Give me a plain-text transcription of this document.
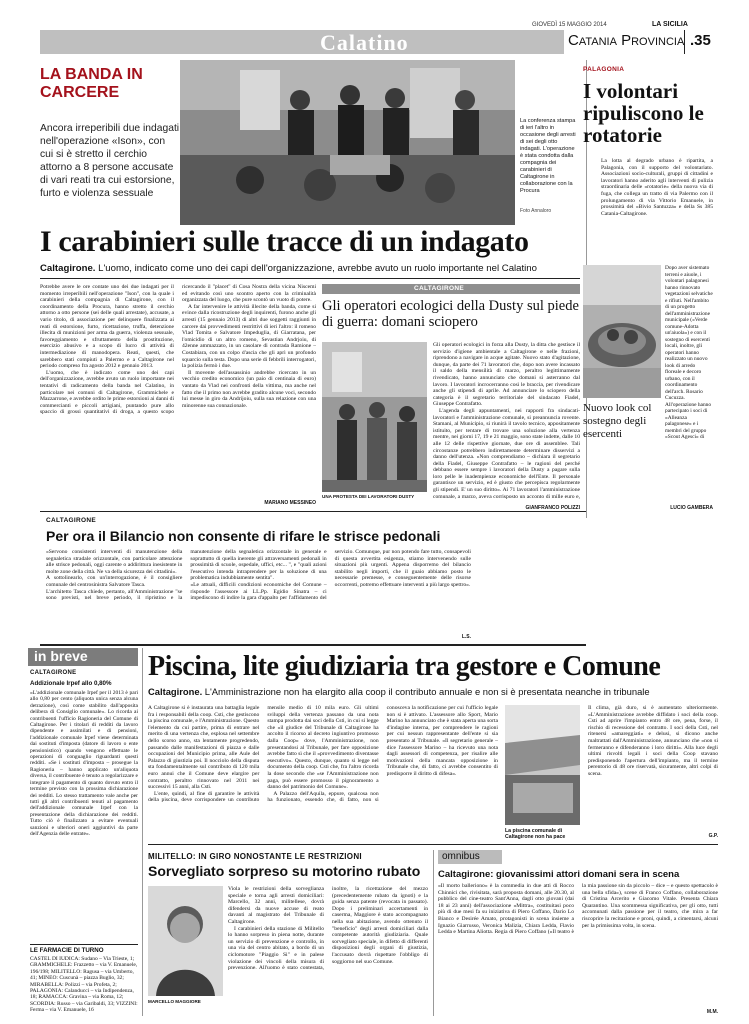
GIOVEDÌ 15 MAGGIO 2014	LA SICILIA
Calatino	Catania Provincia .35
LA BANDA IN CARCERE
Ancora irreperibili due indagati nell'operazione «Ison», con cui si è stretto il cerchio attorno a 8 persone accusate di vari reati tra cui estorsione, furto e violenza sessuale
La conferenza stampa di ieri l'altro in occasione degli arresti di sei degli otto indagati. L'operazione è stata condotta dalla compagnia dei carabinieri di Caltagirone in collaborazione con la Procura
Foto Annaloro
I carabinieri sulle tracce di un indagato
Caltagirone. L'uomo, indicato come uno dei capi dell'organizzazione, avrebbe avuto un ruolo importante nel Calatino

Potrebbe avere le ore contate uno dei due indagati per il momento irreperibili nell'operazione "Ison", con la quale i carabinieri della compagnia di Caltagirone, con il coordinamento della Procura, hanno stretto il cerchio attorno a otto persone (sei delle quali arrestate), accusate, a vario titolo, di associazione per delinquere finalizzata ai reati di estorsione, furto, ricettazione, truffa, detenzione illecita di munizioni per arma da guerra, violenza sessuale, favoreggiamento e sfruttamento della prostituzione, esercizio abusivo e a scopo di lucro di attività di intermediazione di manodopera. Reati, questi, che sarebbero stati compiuti a Palermo e a Caltagirone nel periodo compreso fra agosto 2012 e gennaio 2013.

L'uomo, che è indicato come uno dei capi dell'organizzazione, avrebbe avuto un ruolo importante nei tentativi di radicamento della banda nel Calatino, in particolare nei comuni di Caltagirone, Grammichele e Mazzarrone, e avrebbe ordito le prime estorsioni ai danni di commercianti e piccoli artigiani, puntando pure allo spaccio di grossi quantitativi di droga, a questo scopo ricercando il "placet" di Cosa Nostra della vicina Niscemi ed evitando così uno scontro aperto con la criminalità organizzata del luogo, che pure scontò un vuoto di potere.

A far intervenire le attività illecite della banda, come si evince dalla ricostruzione degli inquirenti, furono anche gli arresti (15 gennaio 2013) di altri due soggetti raggiunti in carcere dai provvedimenti restrittivi di ieri l'altro: il romeno Vlad Tomita e Salvatore Impeduglia, di Giarratana, per l'omicidio di un altro romeno, Sevastian Andrjoiu, di 42enne ammazzato, in un casolare di contrada Ramione – Costabiara, con un colpo d'ascia che gli aprì un profondo squarcio sulla testa. Dopo una serie di febbrili interrogatori, la polizia fermò i due.

Il movente dell'assassinio andrebbe ricercato in un vecchio credito economico (un paio di centinaia di euro) vantato da Vlad nei confronti della vittima, ma anche nel fatto che il primo non avrebbe gradito alcune voci, secondo lui messe in giro da Andrijoiu, sulla sua relazione con una minorenne sua connazionale.

MARIANO MESSINEO
CALTAGIRONE
Gli operatori ecologici della Dusty sul piede di guerra: domani sciopero
UNA PROTESTA DEI LAVORATORI DUSTY

Gli operatori ecologici in forza alla Dusty, la ditta che gestisce il servizio d'igiene ambientale a Caltagirone e nelle frazioni, riprendono a navigare in acque agitate. Nuovo stato d'agitazione, dunque, da parte dei 71 lavoratori che, dopo non avere incassato il saldo della mensilità di marzo, peraltro legittimamente rivendicato, hanno annunciato che domani si asterranno dal lavoro. I lavoratori incrocerranno così le braccia, per rivendicare anche gli stipendi di aprile. Ad annunciare lo sciopero della categoria è il segretario territoriale del sindacato Fiadel, Giuseppe Contrafatto.

L'agenda degli appuntamenti, nei rapporti fra sindacati-lavoratori e l'amministrazione comunale, si preannuncia rovente. Stamani, al Municipio, si riunirà il tavolo tecnico, appositamente istituito, per tentare di trovare una soluzione alla vertenza mentre, nei giorni 17, 19 e 21 maggio, sono state indette, dalle 10 alle 12 delle rispettive giornate, due ore di assemblee. Tali circostanze potrebbero indirettamente determinare disservizi a danno dell'utenza. «Non comprendiamo – dichiara il segretario della Fiadel, Giuseppe Contrafatto – le ragioni del perché debbano essere sempre i lavoratori della Dusty a pagare sulla loro pelle le inadempienze economiche dell'Ente. Il personale garantisce un servizio, ed è giusto che percepisca regolarmente gli stipendi. E' un suo diritto». Ai 71 lavoratori l'amministrazione comunale, a marzo, aveva corrisposto un acconto di mille euro e,

GIANFRANCO POLIZZI
PALAGONIA
I volontari ripuliscono le rotatorie

La lotta al degrado urbano è ripartita, a Palagonia, con il supporto del volontariato. Associazioni socio-culturali, gruppi di cittadini e lavoratori hanno aderito agli interventi di pulizia straordinaria delle «rotatorie» della nuova via di fuga, che collega un tratto di via Palermo con il prolungamento di via Vittorio Emanuele, in prossimità del «Bivio Santuzza» e della Ss 385 Catania-Caltagirone.

Nuovo look col sostegno degli esercenti

Dopo aver sistemato terreni e aiuole, i volontari palagonesi hanno rinnovato vegetazioni selvatiche e rifiuti. Nell'ambito di un progetto dell'amministrazione municipale («Verde comune-Adotta un'aiuola») e con il sostegno di esercenti locali, inoltre, gli operatori hanno realizzato un nuovo look di arredo floreale e decoro urbano, con il coordinamento dell'arch. Rosario Cucuzza. All'operazione hanno partecipato i soci di «Alleanza palagonese» e i membri del gruppo «Scout Agesci» di

LUCIO GAMBERA
CALTAGIRONE
Per ora il Bilancio non consente di rifare le strisce pedonali

«Servono consistenti interventi di manutenzione della segnaletica stradale orizzontale, con particolare attenzione alle strisce pedonali, oggi carente o addirittura inesistente in molte zone della città. Ne va della sicurezza dei cittadini».

A sottolinearlo, con un'interrogazione, è il consigliere comunale del centrosinistra Salvatore Tasca.

L'architetto Tasca chiede, pertanto, all'Amministrazione "se sono previsti, nel breve periodo, il ripristino e la manutenzione della segnaletica orizzontale in generale e soprattutto di quella inerente gli attraversamenti pedonali in prossimità di scuole, ospedale, uffici, etc... ", e "quali azioni l'esecutivo intenda intraprendere per la soluzione di una problematica indubbiamente sentita".

«Le attuali, difficili condizioni economiche del Comune – risponde l'assessore ai LL.Pp. Egidio Sinatra – ci impediscono di indire la gara d'appalto per l'affidamento del servizio. Comunque, pur non potendo fare tutto, consapevoli di questa avvertita esigenza, stiamo intervenendo sulle situazioni più urgenti. Appena disporremo del bilancio stabilito negli importi, che il guaio abbiamo posto le necessarie premesse, e conseguentemente delle risorse occorrenti, potremo effettuare interventi a più largo spettro».

L.S.
in breve
CALTAGIRONE
Addizionale Irpef allo 0,80%
«L'addizionale comunale Irpef per il 2013 è pari allo 0,80 per cento (aliquota unica senza alcuna detrazione), così come stabilito dall'apposita delibera di Consiglio comunale». Lo ricorda ai contribuenti l'ufficio Ragioneria del Comune di Caltagirone. Per i titolari di redditi da lavoro dipendente e assimilati e di pensioni, l'addizionale comunale Irpef viene determinata dai sostituti d'imposta (datore di lavoro o ente pensionistico) quando vengono effettuate le operazioni di conguaglio riguardanti questi redditi. «Se i sostituti d'imposta – prosegue la Ragioneria – hanno applicato un'aliquota diversa, il contribuente è tenuto a regolarizzare e integrare il pagamento di quanto dovuto entro il termine previsto con la prossima dichiarazione dei redditi. Lo stesso trattamento vale anche per tutti gli altri contribuenti tenuti al pagamento dell'addizionale comunale Irpef con la presentazione della dichiarazione dei redditi. Tutto ciò è finalizzato a evitare eventuali sanzioni e ulteriori oneri aggiuntivi da parte dell'Agenzia delle entrate».
LE FARMACIE DI TURNO
CASTEL DI IUDICA: Sudano – Via Trieste, 1; GRAMMICHELE: Frazzetto – via V. Emanuele, 196/198; MILITELLO: Ragusa – via Umberto, 41; MINEO: Cuscunà – piazza Buglio, 32; MIRABELLA: Polizzi – via Profeta, 2; PALAGONIA: Calanducci – via Indipendenza, 18; RAMACCA: Gravina – via Roma, 12; SCORDIA: Russo – via Garibaldi, 33; VIZZINI: Ferma – via V. Emanuele, 16
Piscina, lite giudiziaria tra gestore e Comune
Caltagirone. L'Amministrazione non ha elargito alla coop il contributo annuale e non si è presentata neanche in tribunale

A Caltagirone si è instaurata una battaglia legale fra i responsabili della coop. Csti, che gestiscono la piscina comunale, e l'Amministrazione. Questo l'elemento da cui partire, prima di entrare nel merito di una vertenza che, esplosa nel settembre dello scorso anno, sta lentamente progredendo, passando dalle manifestazioni di piazza e dalle occupazioni del Municipio prima, alle Aule del Palazzo di giustizia poi. Il nocciolo della disputa sta fondamentalmente sul contributo di 120 mila euro annui che il Comune deve elargire per contratto, peraltro rinnovato nel 2011 nei successivi 15 anni, alla Csti.

L'ente, quindi, al fine di garantire le attività della piscina, deve corrispondere un contributo mensile medio di 10 mila euro. Gli ultimi sviluppi della vertenza passano da una nota stampa prodotta dai soci della Csti, in cui si legge che «il giudice del Tribunale di Caltagirone ha accolto il ricorso al decreto ingiuntivo promosso dalla Coop» dove, l'Amministrazione, non presentandosi al Tribunale, per fare opposizione avrebbe fatto sì che il «provvedimento diventasse esecutivo». Questo, dunque, quanto si legge nel documento della coop. Csti che, fra l'altro ricorda la dose secondo che «se l'Amministrazione non paga, può essere promosso il pignoramento a danno del patrimonio del Comune».

A Palazzo dell'Aquila, eppure, qualcosa non ha funzionato, essendo che, di fatto, non si conosceva la notificazione per cui l'ufficio legale non si è attivato. L'assessore allo Sport, Mario Marino ha annunciato che è stata aperta una sorta d'indagine interna, per comprendere le ragioni per cui nessun rappresentante dell'ente si sia presentato al Tribunale. «Il segretario generale – dice l'assessore Marino – ha ricevuto una nota dagli assessori di competenza, per risalire alle motivazioni della mancata opposizione in Tribunale che, di fatto, ci avrebbe consentito di predisporre il diritto di difesa».

La piscina comunale di Caltagirone non ha pace

Il clima, già duro, si è aumentato ulteriormente. «L'Amministrazione avrebbe diffidato i soci della coop. Csti ad aprire l'impianto entro 48 ore, pena, forse, il rischio di recessione del contratto. I soci della Csti, nel ritenersi «amareggiati» e delusi, si dicono anche maltrattati dall'Amministrazione, annunciano che «non si fermeranno e difenderanno i loro diritti». Alla luce degli ultimi risvolti legali i soci della Coop stavano predisponendo l'apertura dell'impianto, ma il termine perentorio di 48 ore riservatà, sicuramente, altri colpi di scena.

G.P.
MILITELLO: IN GIRO NONOSTANTE LE RESTRIZIONI
Sorvegliato sorpreso su motorino rubato
MARCELLO MAGGIORE

Viola le restrizioni della sorveglianza speciale e torna agli arresti domiciliari: Marcello, 32 anni, militellese, dovrà difendersi da nuove accuse di reato davanti al magistrato del Tribunale di Caltagirone.

I carabinieri della stazione di Militello lo hanno sorpreso in piena notte, durante un servizio di prevenzione e controllo, in una via del centro abitato, a bordo di un ciclomotore "Piaggio Si" e in palese violazione dei vincoli della misura di prevenzione. All'uomo è stato contestata, inoltre, la ricettazione del mezzo (precedentemente rubato da ignoti) e la guida senza patente (revocata in passato). Dopo i preliminari accertamenti in caserma, Maggiore è stato accompagnato nella sua abitazione, avendo ottenuto il "beneficio" degli arresti domiciliari dalla competente autorità giudiziaria. Quale sorvegliato speciale, in difetto di differenti disposizioni degli organi di giustizia, l'accusato dovrà rispettare l'obbligo di soggiorno nel suo Comune.

omnibus
Caltagirone: giovanissimi attori domani sera in scena
«Il morto balleriono» è la commedia in due atti di Rocco Chinnici che, rivisitata, sarà proposta domani, alle 20.30, al pubblico del cine-teatro Sant'Anna, dagli otto giovani (dai 18 ai 23 anni) dell'associazione «Mittra», costituitasi poco più di due mesi fa su iniziativa di Piero Coffano, Dario Lo Bianco e Desirée Amato, protagonisti in scena insieme a Ignazio Giarrusso, Veronica Malizia, Chiara Ledda, Flavio Ledda e Martina Aliotta. Regia di Piero Coffano («Il teatro è la mia passione sin da piccolo – dice – e questo spettacolo è una bella sfida»), scene di Franco Coffano, collaborazione di Cristina Arcerito e Giacomo Vitale. Presenta Chiara Quarantino. Una scommessa significativa, per gli otto, tutti accomunati dalla passione per il teatro, che mira a far riscoprire la recitazione e proni, quindi, a cimentarsi, alcuni per la primissima volta, in scena.
M.M.
